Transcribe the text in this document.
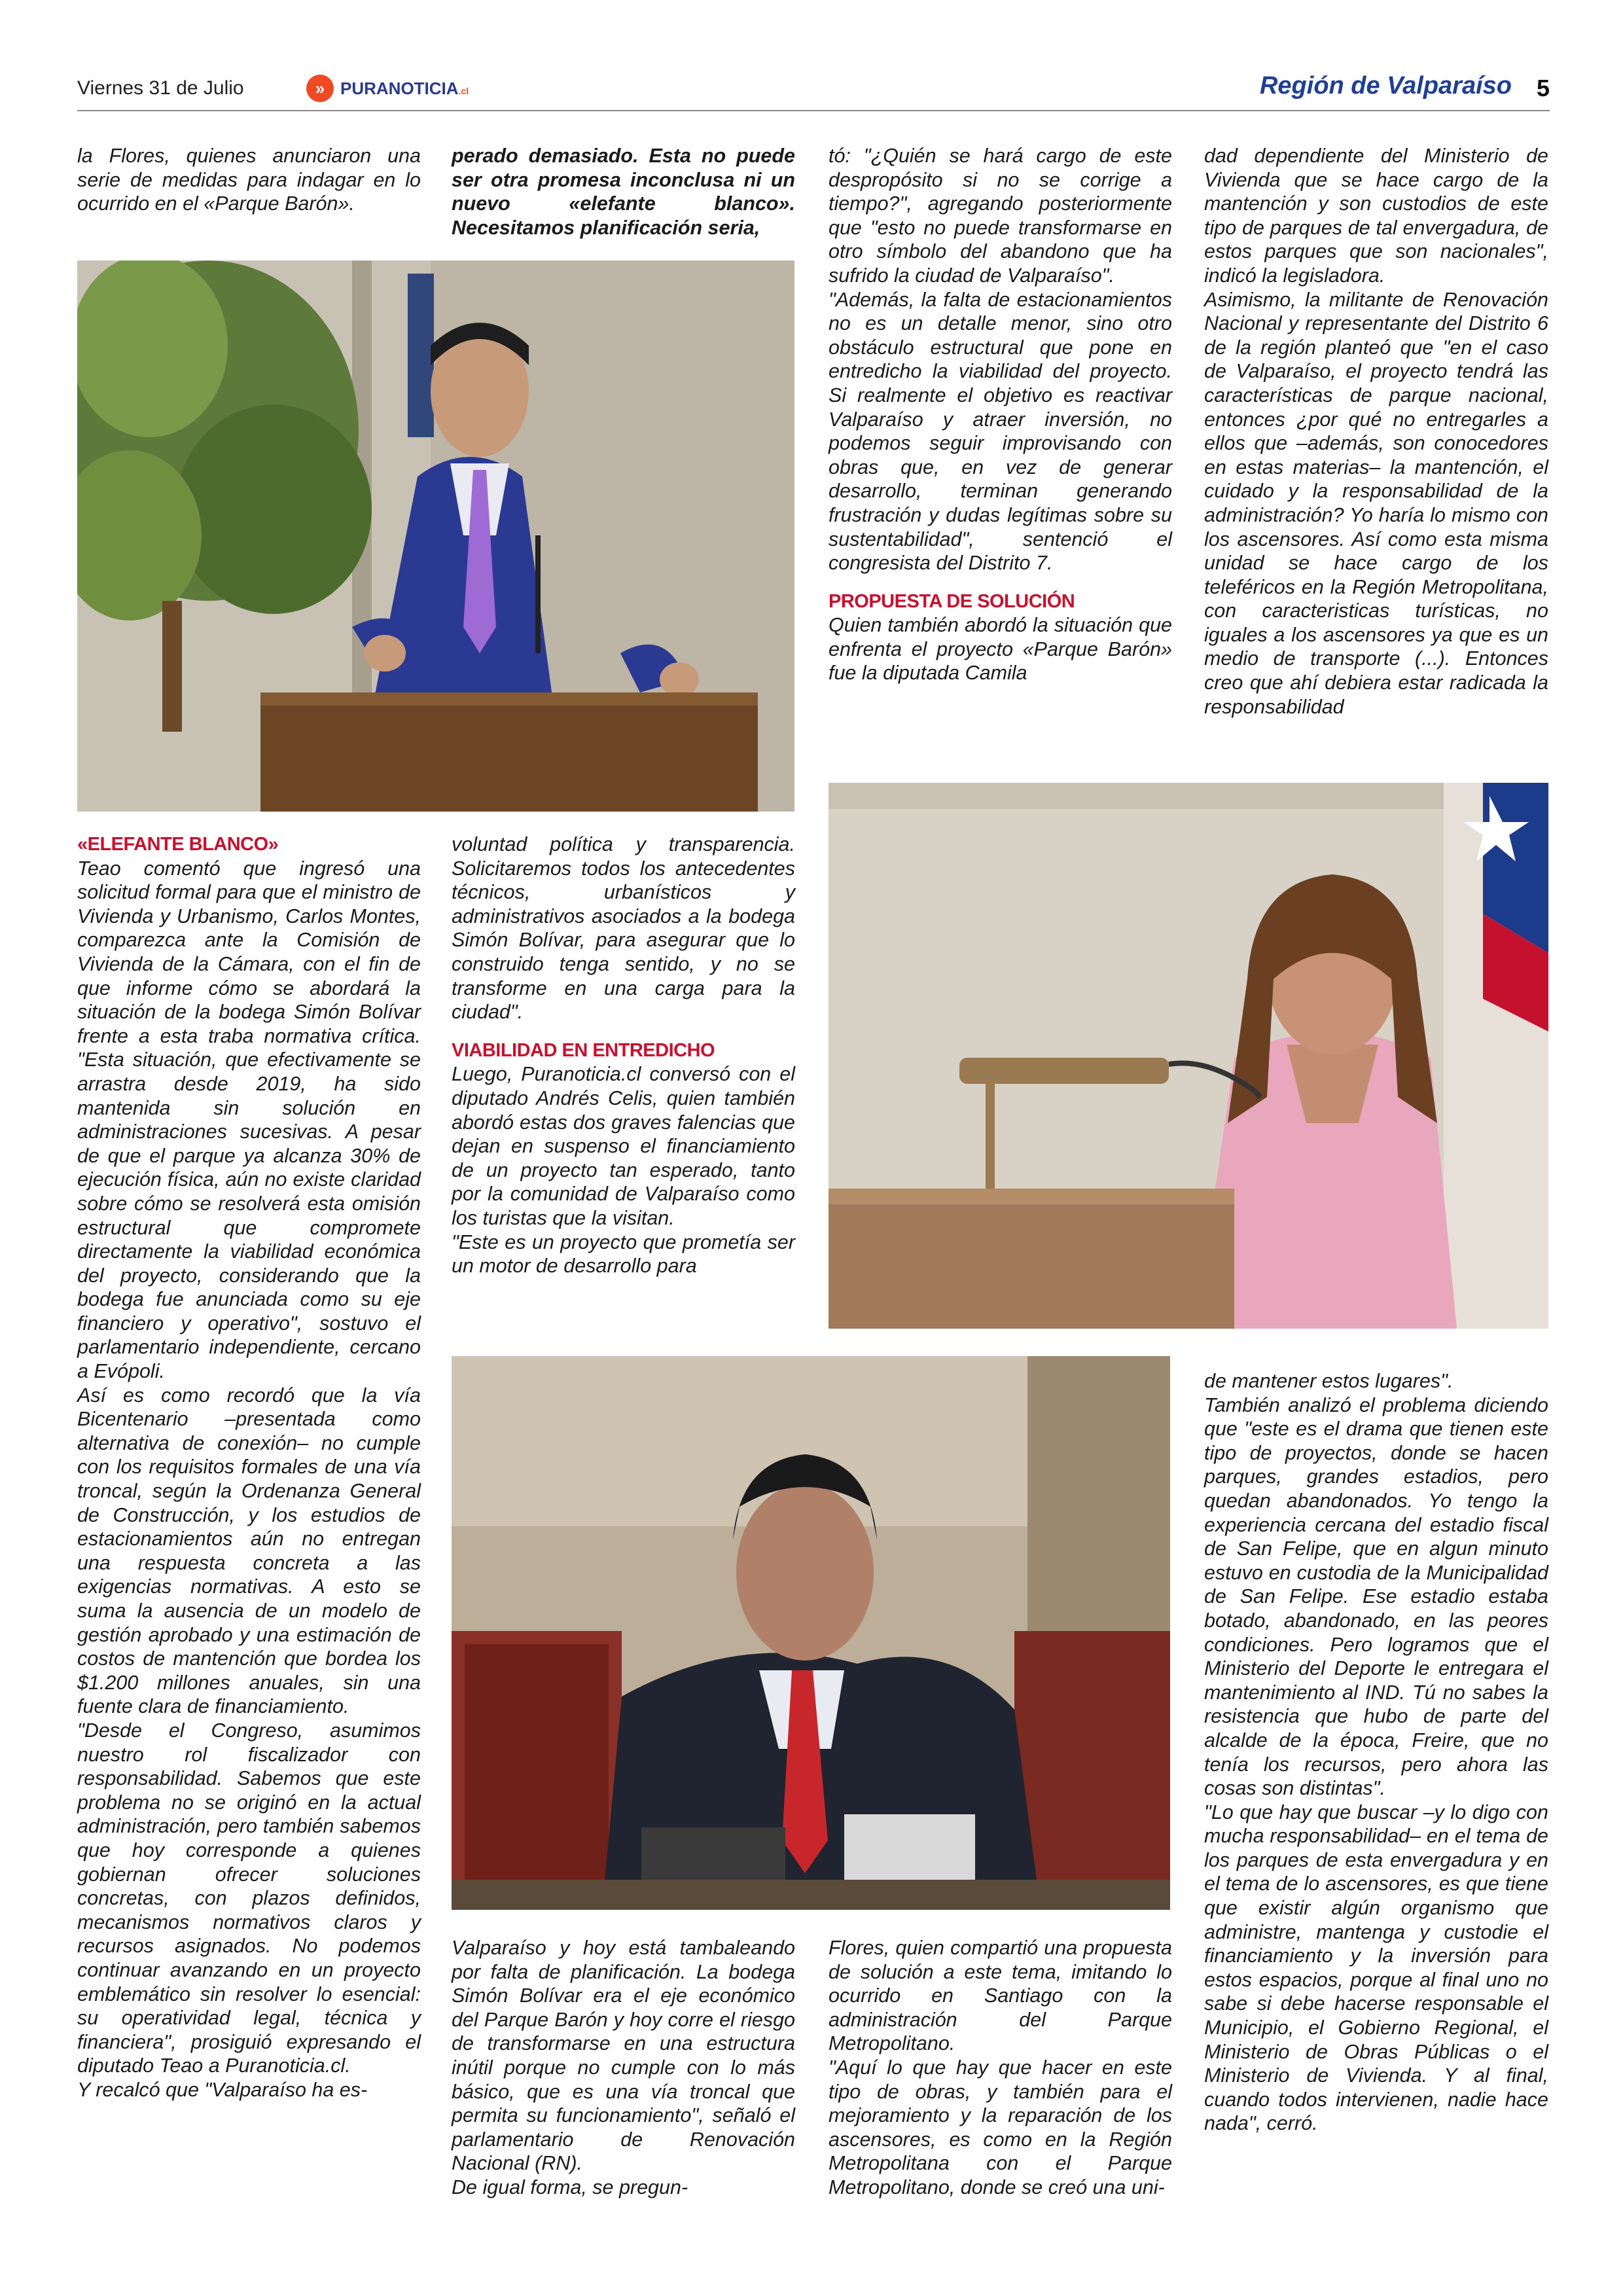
Viernes 31 de Julio	» PURANOTICIA.cl	Región de Valparaíso 5

la Flores, quienes anunciaron una serie de medidas para indagar en lo ocurrido en el «Parque Barón».

perado demasiado. Esta no puede ser otra promesa inconclusa ni un nuevo «elefante blanco». Necesitamos planificación seria,

tó: "¿Quién se hará cargo de este despropósito si no se corrige a tiempo?", agregando posteriormente que "esto no puede transformarse en otro símbolo del abandono que ha sufrido la ciudad de Valparaíso".

"Además, la falta de estacionamientos no es un detalle menor, sino otro obstáculo estructural que pone en entredicho la viabilidad del proyecto. Si realmente el objetivo es reactivar Valparaíso y atraer inversión, no podemos seguir improvisando con obras que, en vez de generar desarrollo, terminan generando frustración y dudas legítimas sobre su sustentabilidad", sentenció el congresista del Distrito 7.

PROPUESTA DE SOLUCIÓN

Quien también abordó la situación que enfrenta el proyecto «Parque Barón» fue la diputada Camila

dad dependiente del Ministerio de Vivienda que se hace cargo de la mantención y son custodios de este tipo de parques de tal envergadura, de estos parques que son nacionales", indicó la legisladora.

Asimismo, la militante de Renovación Nacional y representante del Distrito 6 de la región planteó que "en el caso de Valparaíso, el proyecto tendrá las características de parque nacional, entonces ¿por qué no entregarles a ellos que –además, son conocedores en estas materias– la mantención, el cuidado y la responsabilidad de la administración? Yo haría lo mismo con los ascensores. Así como esta misma unidad se hace cargo de los teleféricos en la Región Metropolitana, con caracteristicas turísticas, no iguales a los ascensores ya que es un medio de transporte (...). Entonces creo que ahí debiera estar radicada la responsabilidad

«ELEFANTE BLANCO»

Teao comentó que ingresó una solicitud formal para que el ministro de Vivienda y Urbanismo, Carlos Montes, comparezca ante la Comisión de Vivienda de la Cámara, con el fin de que informe cómo se abordará la situación de la bodega Simón Bolívar frente a esta traba normativa crítica. "Esta situación, que efectivamente se arrastra desde 2019, ha sido mantenida sin solución en administraciones sucesivas. A pesar de que el parque ya alcanza 30% de ejecución física, aún no existe claridad sobre cómo se resolverá esta omisión estructural que compromete directamente la viabilidad económica del proyecto, considerando que la bodega fue anunciada como su eje financiero y operativo", sostuvo el parlamentario independiente, cercano a Evópoli.

Así es como recordó que la vía Bicentenario –presentada como alternativa de conexión– no cumple con los requisitos formales de una vía troncal, según la Ordenanza General de Construcción, y los estudios de estacionamientos aún no entregan una respuesta concreta a las exigencias normativas. A esto se suma la ausencia de un modelo de gestión aprobado y una estimación de costos de mantención que bordea los $1.200 millones anuales, sin una fuente clara de financiamiento.

"Desde el Congreso, asumimos nuestro rol fiscalizador con responsabilidad. Sabemos que este problema no se originó en la actual administración, pero también sabemos que hoy corresponde a quienes gobiernan ofrecer soluciones concretas, con plazos definidos, mecanismos normativos claros y recursos asignados. No podemos continuar avanzando en un proyecto emblemático sin resolver lo esencial: su operatividad legal, técnica y financiera", prosiguió expresando el diputado Teao a Puranoticia.cl.

Y recalcó que "Valparaíso ha es-

voluntad política y transparencia. Solicitaremos todos los antecedentes técnicos, urbanísticos y administrativos asociados a la bodega Simón Bolívar, para asegurar que lo construido tenga sentido, y no se transforme en una carga para la ciudad".

VIABILIDAD EN ENTREDICHO

Luego, Puranoticia.cl conversó con el diputado Andrés Celis, quien también abordó estas dos graves falencias que dejan en suspenso el financiamiento de un proyecto tan esperado, tanto por la comunidad de Valparaíso como los turistas que la visitan.

"Este es un proyecto que prometía ser un motor de desarrollo para

Valparaíso y hoy está tambaleando por falta de planificación. La bodega Simón Bolívar era el eje económico del Parque Barón y hoy corre el riesgo de transformarse en una estructura inútil porque no cumple con lo más básico, que es una vía troncal que permita su funcionamiento", señaló el parlamentario de Renovación Nacional (RN).

De igual forma, se pregun-

Flores, quien compartió una propuesta de solución a este tema, imitando lo ocurrido en Santiago con la administración del Parque Metropolitano.

"Aquí lo que hay que hacer en este tipo de obras, y también para el mejoramiento y la reparación de los ascensores, es como en la Región Metropolitana con el Parque Metropolitano, donde se creó una uni-

de mantener estos lugares".

También analizó el problema diciendo que "este es el drama que tienen este tipo de proyectos, donde se hacen parques, grandes estadios, pero quedan abandonados. Yo tengo la experiencia cercana del estadio fiscal de San Felipe, que en algun minuto estuvo en custodia de la Municipalidad de San Felipe. Ese estadio estaba botado, abandonado, en las peores condiciones. Pero logramos que el Ministerio del Deporte le entregara el mantenimiento al IND. Tú no sabes la resistencia que hubo de parte del alcalde de la época, Freire, que no tenía los recursos, pero ahora las cosas son distintas".

"Lo que hay que buscar –y lo digo con mucha responsabilidad– en el tema de los parques de esta envergadura y en el tema de lo ascensores, es que tiene que existir algún organismo que administre, mantenga y custodie el financiamiento y la inversión para estos espacios, porque al final uno no sabe si debe hacerse responsable el Municipio, el Gobierno Regional, el Ministerio de Obras Públicas o el Ministerio de Vivienda. Y al final, cuando todos intervienen, nadie hace nada", cerró.
